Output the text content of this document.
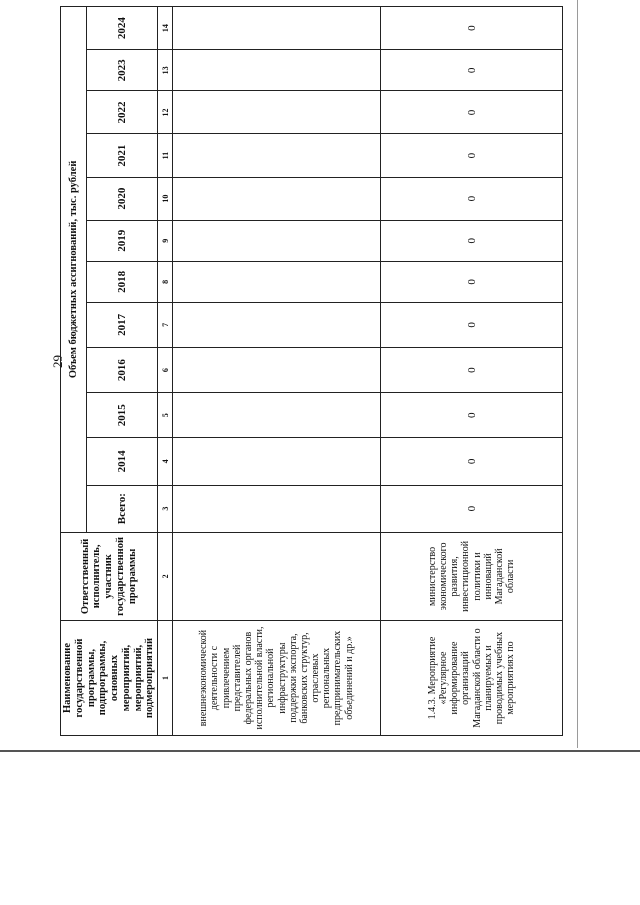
29
Наименование государственной программы, подпрограммы, основных мероприятий, мероприятий, подмероприятий	Ответственный исполнитель, участник государственной программы	Объем бюджетных ассигнований, тыс. рублей											
		Всего:	2014	2015	2016	2017	2018	2019	2020	2021	2022	2023	2024
1	2	3	4	5	6	7	8	9	10	11	12	13	14
внешнеэкономической деятельности с привлечением представителей федеральных органов исполнительной власти, региональной инфраструктуры поддержки экспорта, банковских структур, отраслевых региональных предпринимательских объединений и др.»													
1.4.3. Мероприятие «Регулярное информирование организаций Магаданской области о планируемых и проводимых учебных мероприятиях по	министерство экономического развития, инвестиционной политики и инноваций Магаданской области	0	0	0	0	0	0	0	0	0	0	0	0
